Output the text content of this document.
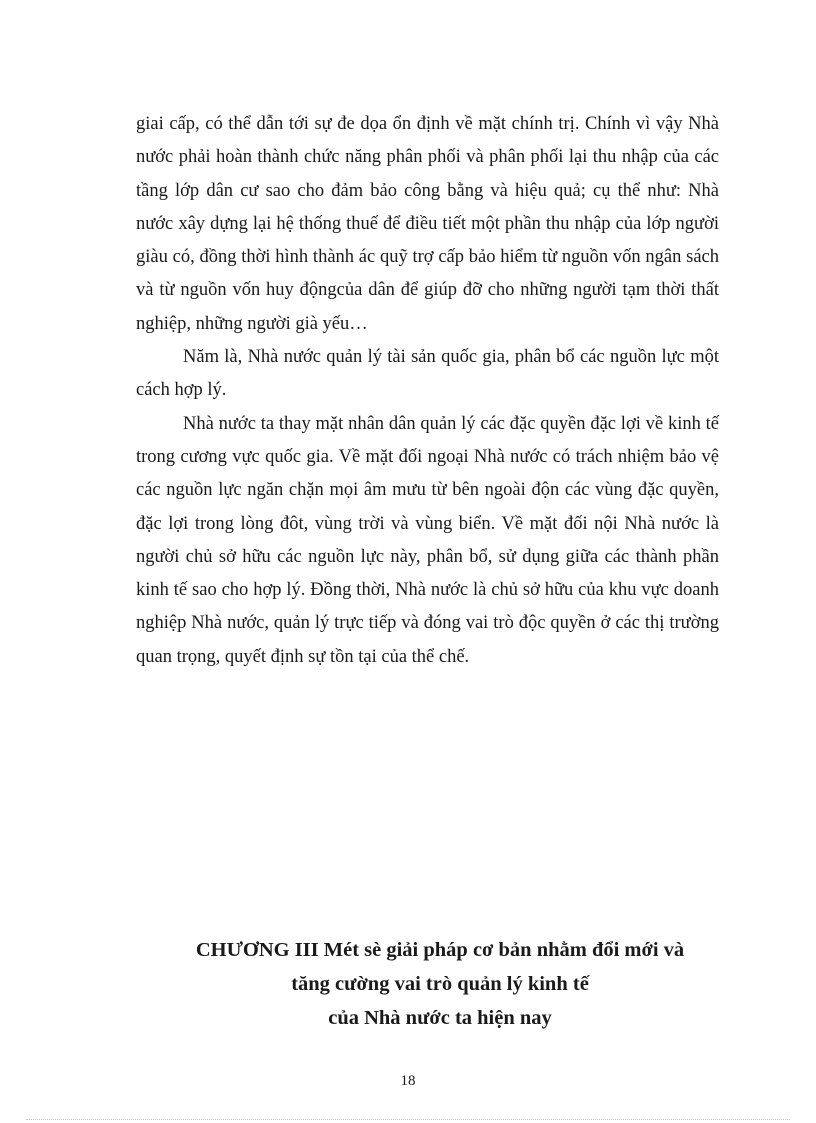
giai cấp, có thể dẫn tới sự đe dọa ổn định về mặt chính trị. Chính vì vậy Nhà nước phải hoàn thành chức năng phân phối và phân phối lại thu nhập của các tầng lớp dân cư sao cho đảm bảo công bằng và hiệu quả; cụ thể như: Nhà nước xây dựng lại hệ thống thuế để điều tiết một phần thu nhập của lớp người giàu có, đồng thời hình thành ác quỹ trợ cấp bảo hiểm từ nguồn vốn ngân sách và từ nguồn vốn huy độngcủa dân để giúp đỡ cho những người tạm thời thất nghiệp, những người già yếu…

Năm là, Nhà nước quản lý tài sản quốc gia, phân bổ các nguồn lực một cách hợp lý.

Nhà nước ta thay mặt nhân dân quản lý các đặc quyền đặc lợi về kinh tế trong cương vực quốc gia. Về mặt đối ngoại Nhà nước có trách nhiệm bảo vệ các nguồn lực ngăn chặn mọi âm mưu từ bên ngoài độn các vùng đặc quyền, đặc lợi trong lòng đôt, vùng trời và vùng biển. Về mặt đối nội Nhà nước là người chủ sở hữu các nguồn lực này, phân bổ, sử dụng giữa các thành phần kinh tế sao cho hợp lý. Đồng thời, Nhà nước là chủ sở hữu của khu vực doanh nghiệp Nhà nước, quản lý trực tiếp và đóng vai trò độc quyền ở các thị trường quan trọng, quyết định sự tồn tại của thể chế.

CHƯƠNG III Mét sè giải pháp cơ bản nhằm đổi mới và
tăng cường vai trò quản lý kinh tế
của Nhà nước ta hiện nay
18
